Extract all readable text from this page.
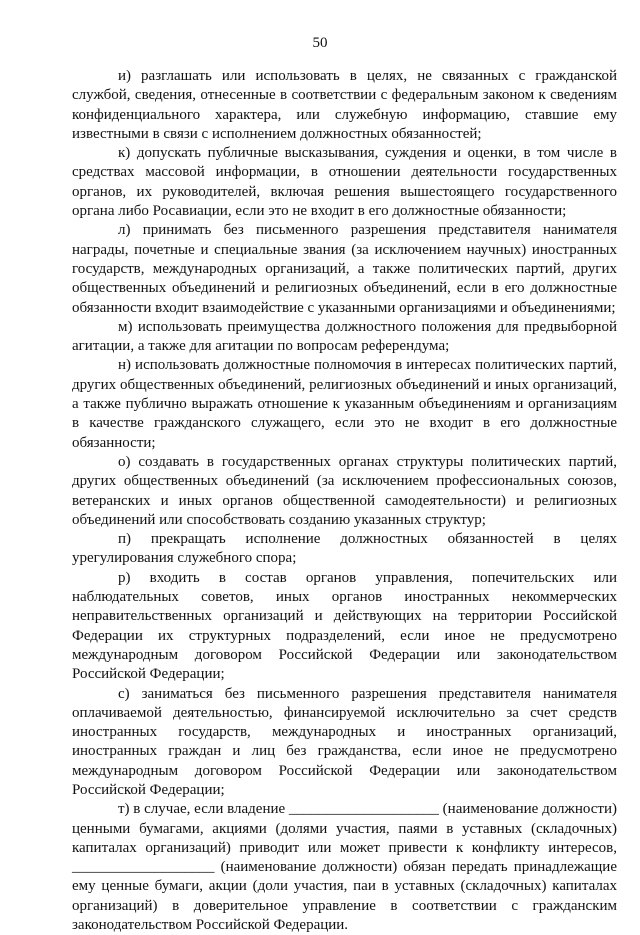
50

и) разглашать или использовать в целях, не связанных с гражданской службой, сведения, отнесенные в соответствии с федеральным законом к сведениям конфиденциального характера, или служебную информацию, ставшие ему известными в связи с исполнением должностных обязанностей;

к) допускать публичные высказывания, суждения и оценки, в том числе в средствах массовой информации, в отношении деятельности государственных органов, их руководителей, включая решения вышестоящего государственного органа либо Росавиации, если это не входит в его должностные обязанности;

л) принимать без письменного разрешения представителя нанимателя награды, почетные и специальные звания (за исключением научных) иностранных государств, международных организаций, а также политических партий, других общественных объединений и религиозных объединений, если в его должностные обязанности входит взаимодействие с указанными организациями и объединениями;

м) использовать преимущества должностного положения для предвыборной агитации, а также для агитации по вопросам референдума;

н) использовать должностные полномочия в интересах политических партий, других общественных объединений, религиозных объединений и иных организаций, а также публично выражать отношение к указанным объединениям и организациям в качестве гражданского служащего, если это не входит в его должностные обязанности;

о) создавать в государственных органах структуры политических партий, других общественных объединений (за исключением профессиональных союзов, ветеранских и иных органов общественной самодеятельности) и религиозных объединений или способствовать созданию указанных структур;

п) прекращать исполнение должностных обязанностей в целях урегулирования служебного спора;

р) входить в состав органов управления, попечительских или наблюдательных советов, иных органов иностранных некоммерческих неправительственных организаций и действующих на территории Российской Федерации их структурных подразделений, если иное не предусмотрено международным договором Российской Федерации или законодательством Российской Федерации;

с) заниматься без письменного разрешения представителя нанимателя оплачиваемой деятельностью, финансируемой исключительно за счет средств иностранных государств, международных и иностранных организаций, иностранных граждан и лиц без гражданства, если иное не предусмотрено международным договором Российской Федерации или законодательством Российской Федерации;

т) в случае, если владение ____________________ (наименование должности) ценными бумагами, акциями (долями участия, паями в уставных (складочных) капиталах организаций) приводит или может привести к конфликту интересов, ___________________ (наименование должности) обязан передать принадлежащие ему ценные бумаги, акции (доли участия, паи в уставных (складочных) капиталах организаций) в доверительное управление в соответствии с гражданским законодательством Российской Федерации.
